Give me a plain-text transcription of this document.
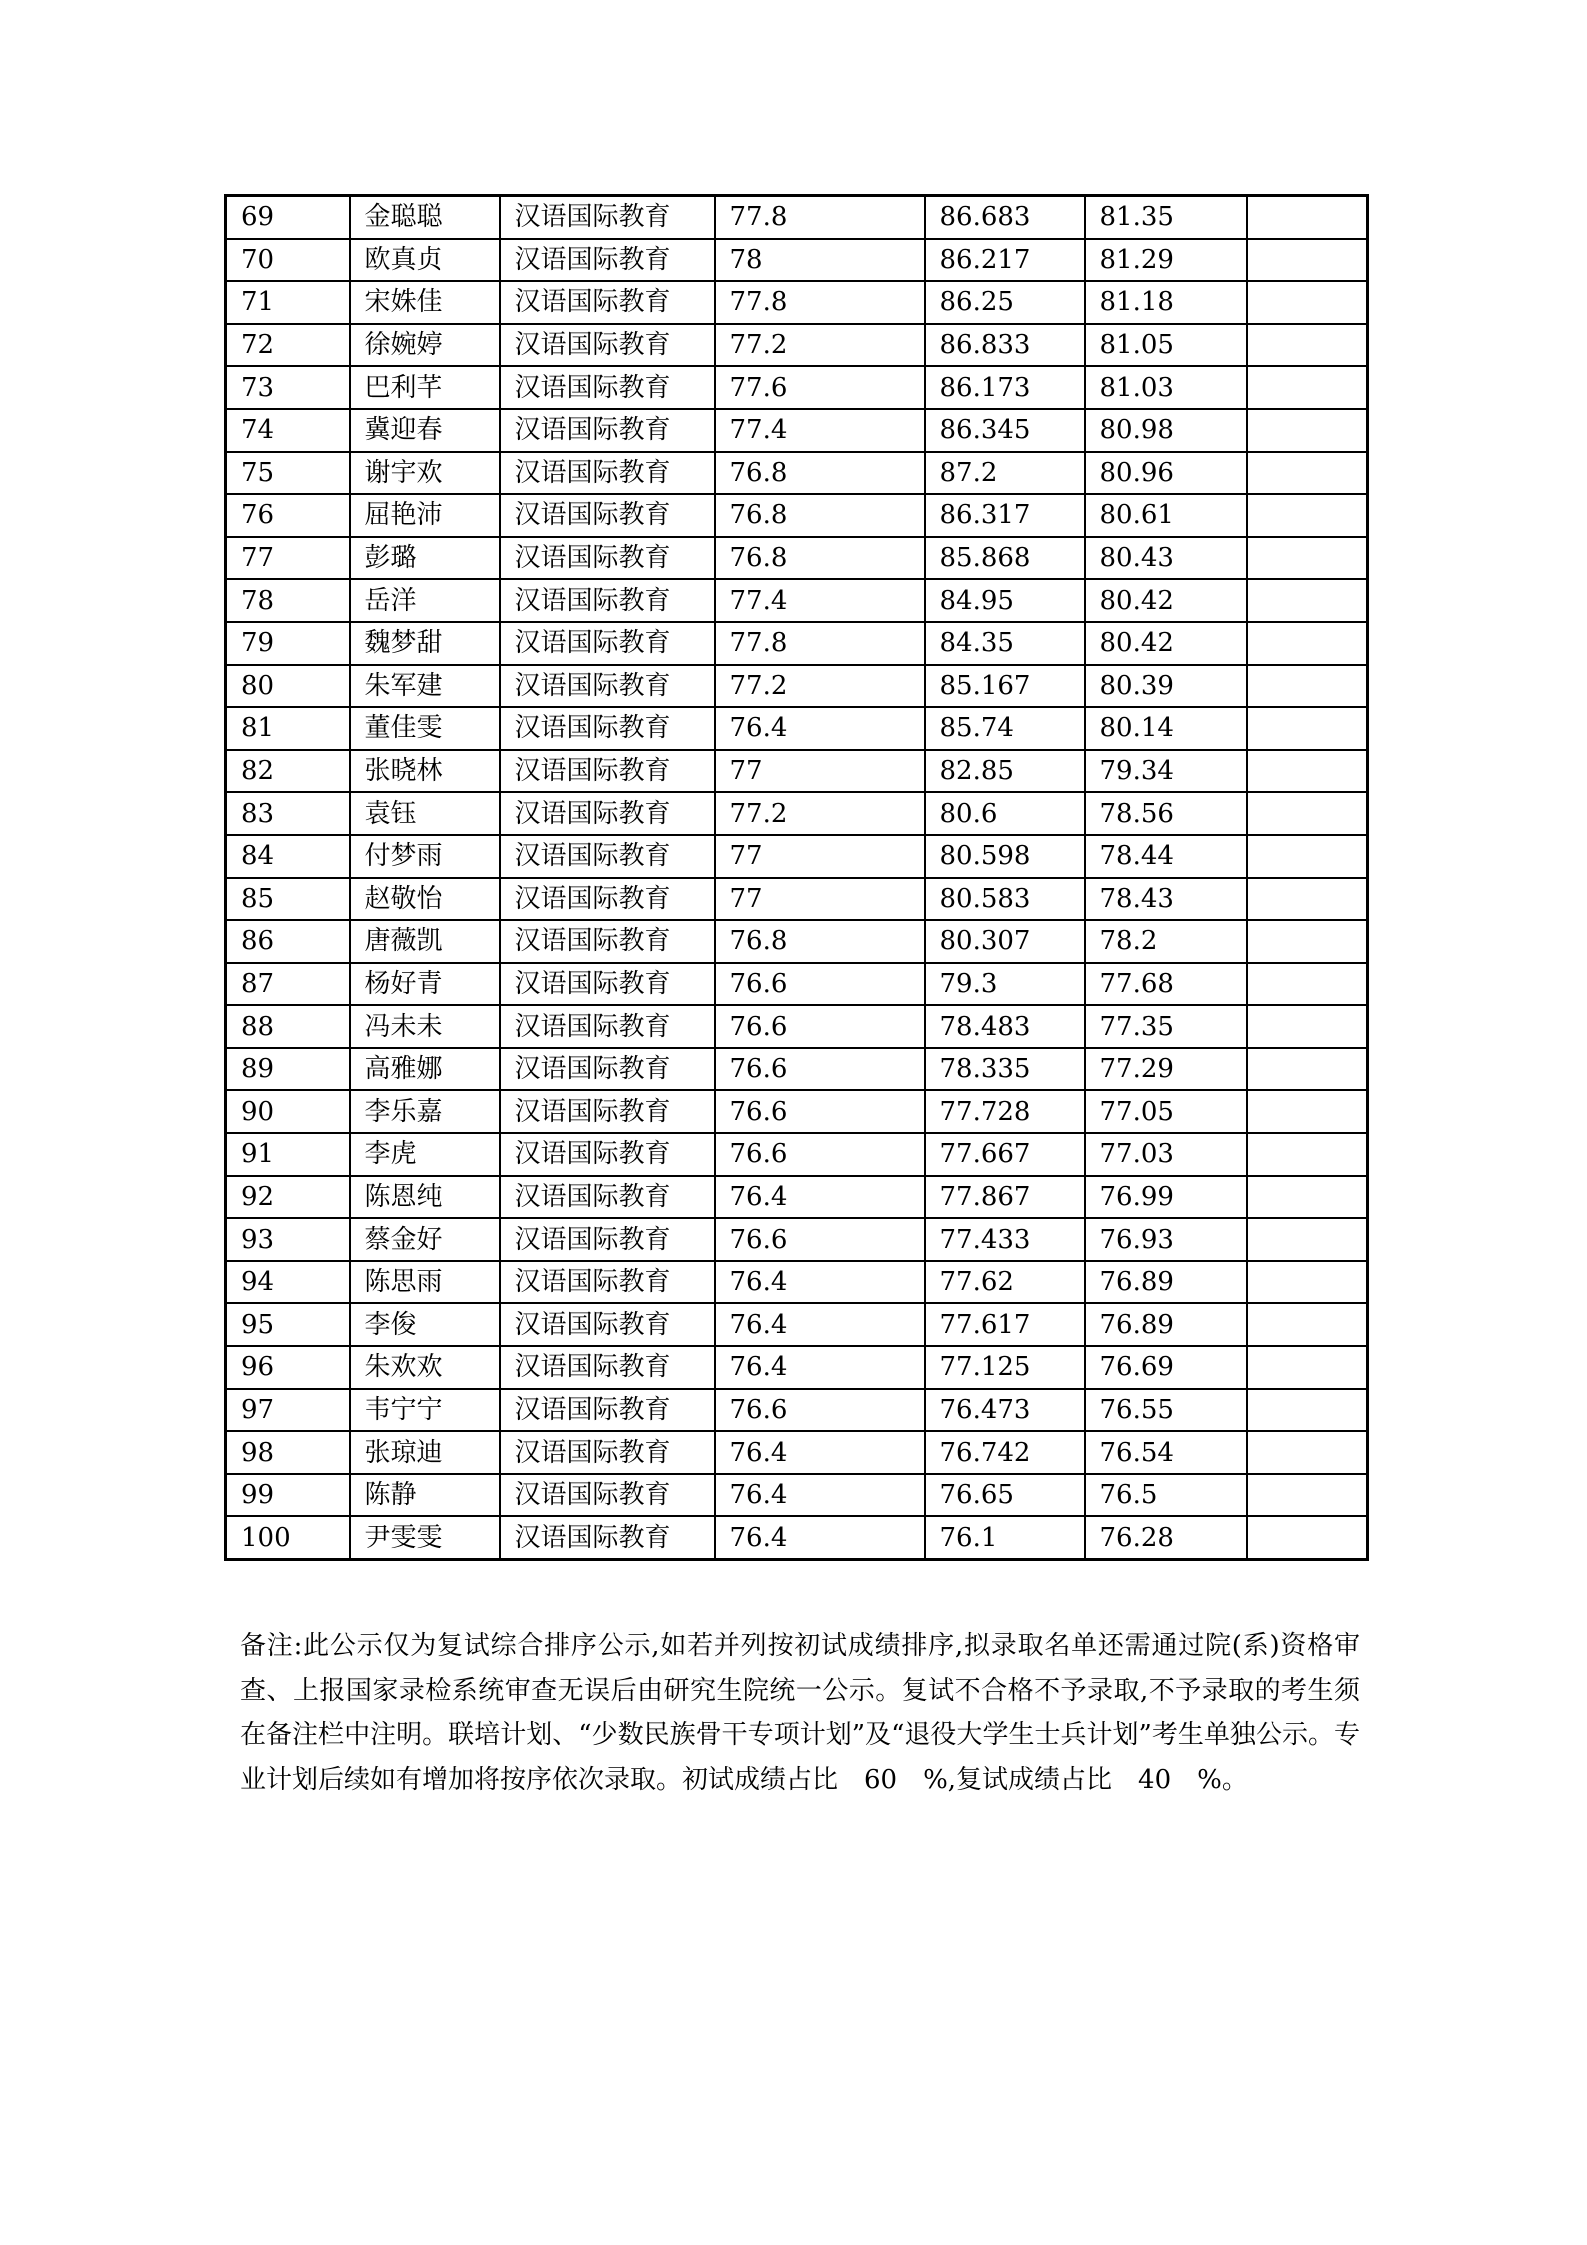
69	金聪聪	汉语国际教育	77.8	86.683	81.35	
70	欧真贞	汉语国际教育	78	86.217	81.29	
71	宋姝佳	汉语国际教育	77.8	86.25	81.18	
72	徐婉婷	汉语国际教育	77.2	86.833	81.05	
73	巴利芊	汉语国际教育	77.6	86.173	81.03	
74	冀迎春	汉语国际教育	77.4	86.345	80.98	
75	谢宇欢	汉语国际教育	76.8	87.2	80.96	
76	屈艳沛	汉语国际教育	76.8	86.317	80.61	
77	彭璐	汉语国际教育	76.8	85.868	80.43	
78	岳洋	汉语国际教育	77.4	84.95	80.42	
79	魏梦甜	汉语国际教育	77.8	84.35	80.42	
80	朱军建	汉语国际教育	77.2	85.167	80.39	
81	董佳雯	汉语国际教育	76.4	85.74	80.14	
82	张晓林	汉语国际教育	77	82.85	79.34	
83	袁钰	汉语国际教育	77.2	80.6	78.56	
84	付梦雨	汉语国际教育	77	80.598	78.44	
85	赵敬怡	汉语国际教育	77	80.583	78.43	
86	唐薇凯	汉语国际教育	76.8	80.307	78.2	
87	杨好青	汉语国际教育	76.6	79.3	77.68	
88	冯未未	汉语国际教育	76.6	78.483	77.35	
89	高雅娜	汉语国际教育	76.6	78.335	77.29	
90	李乐嘉	汉语国际教育	76.6	77.728	77.05	
91	李虎	汉语国际教育	76.6	77.667	77.03	
92	陈恩纯	汉语国际教育	76.4	77.867	76.99	
93	蔡金好	汉语国际教育	76.6	77.433	76.93	
94	陈思雨	汉语国际教育	76.4	77.62	76.89	
95	李俊	汉语国际教育	76.4	77.617	76.89	
96	朱欢欢	汉语国际教育	76.4	77.125	76.69	
97	韦宁宁	汉语国际教育	76.6	76.473	76.55	
98	张琼迪	汉语国际教育	76.4	76.742	76.54	
99	陈静	汉语国际教育	76.4	76.65	76.5	
100	尹雯雯	汉语国际教育	76.4	76.1	76.28	
备注:此公示仅为复试综合排序公示,如若并列按初试成绩排序,拟录取名单还需通过院(系)资格审查、上报国家录检系统审查无误后由研究生院统一公示。复试不合格不予录取,不予录取的考生须在备注栏中注明。联培计划、“少数民族骨干专项计划”及“退役大学生士兵计划”考生单独公示。专业计划后续如有增加将按序依次录取。初试成绩占比　60　%,复试成绩占比　40　%。
